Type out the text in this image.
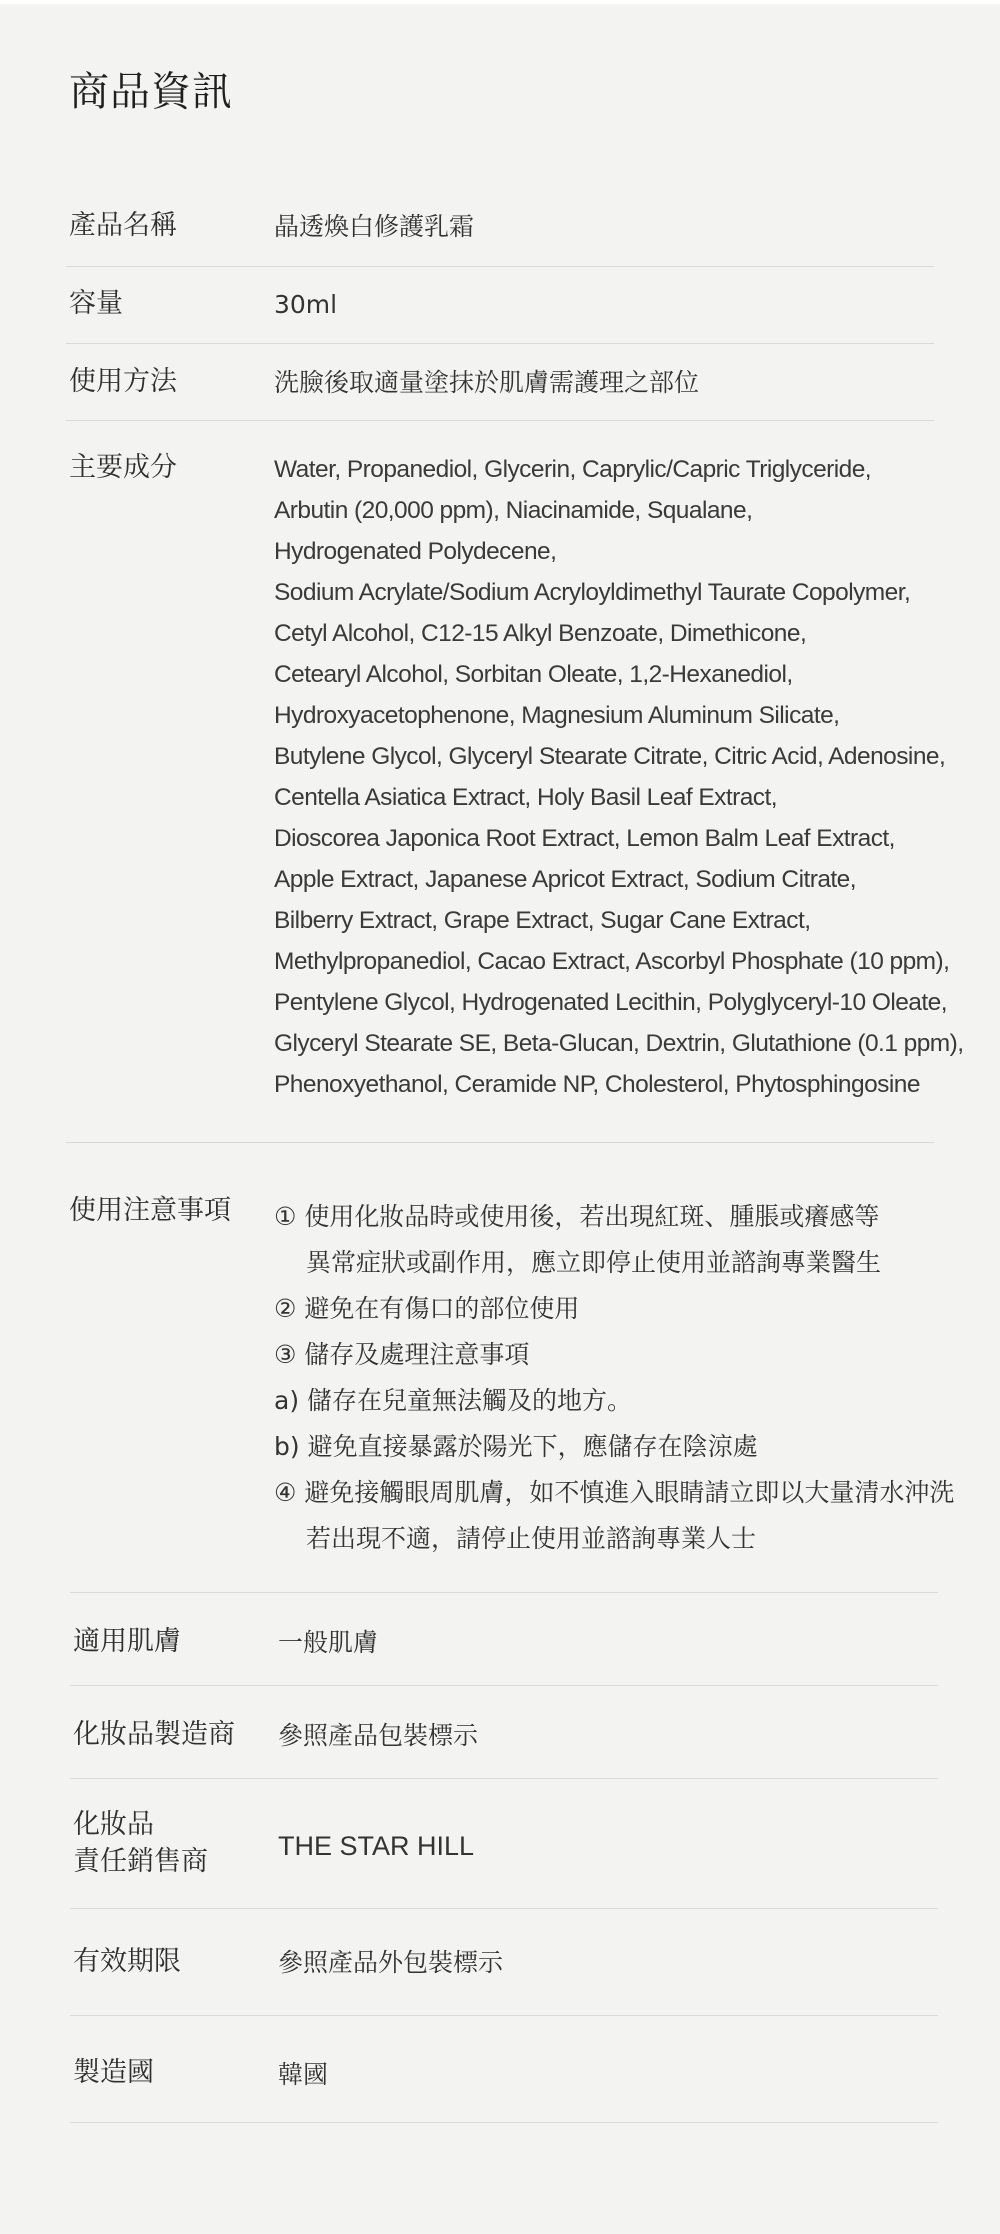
商品資訊
產品名稱	晶透煥白修護乳霜
容量	30ml
使用方法	洗臉後取適量塗抹於肌膚需護理之部位
主要成分	Water, Propanediol, Glycerin, Caprylic/Capric Triglyceride,
Arbutin (20,000 ppm), Niacinamide, Squalane,
Hydrogenated Polydecene,
Sodium Acrylate/Sodium Acryloyldimethyl Taurate Copolymer,
Cetyl Alcohol, C12-15 Alkyl Benzoate, Dimethicone,
Cetearyl Alcohol, Sorbitan Oleate, 1,2-Hexanediol,
Hydroxyacetophenone, Magnesium Aluminum Silicate,
Butylene Glycol, Glyceryl Stearate Citrate, Citric Acid, Adenosine,
Centella Asiatica Extract, Holy Basil Leaf Extract,
Dioscorea Japonica Root Extract, Lemon Balm Leaf Extract,
Apple Extract, Japanese Apricot Extract, Sodium Citrate,
Bilberry Extract, Grape Extract, Sugar Cane Extract,
Methylpropanediol, Cacao Extract, Ascorbyl Phosphate (10 ppm),
Pentylene Glycol, Hydrogenated Lecithin, Polyglyceryl-10 Oleate,
Glyceryl Stearate SE, Beta-Glucan, Dextrin, Glutathione (0.1 ppm),
Phenoxyethanol, Ceramide NP, Cholesterol, Phytosphingosine
使用注意事項 ① 使用化妝品時或使用後，若出現紅斑、腫脹或癢感等
異常症狀或副作用，應立即停止使用並諮詢專業醫生
② 避免在有傷口的部位使用
③ 儲存及處理注意事項
a) 儲存在兒童無法觸及的地方。
b) 避免直接暴露於陽光下，應儲存在陰涼處
④ 避免接觸眼周肌膚，如不慎進入眼睛請立即以大量清水沖洗
若出現不適，請停止使用並諮詢專業人士
適用肌膚	一般肌膚
化妝品製造商 參照產品包裝標示
化妝品
責任銷售商	THE STAR HILL
有效期限	參照產品外包裝標示
製造國	韓國
